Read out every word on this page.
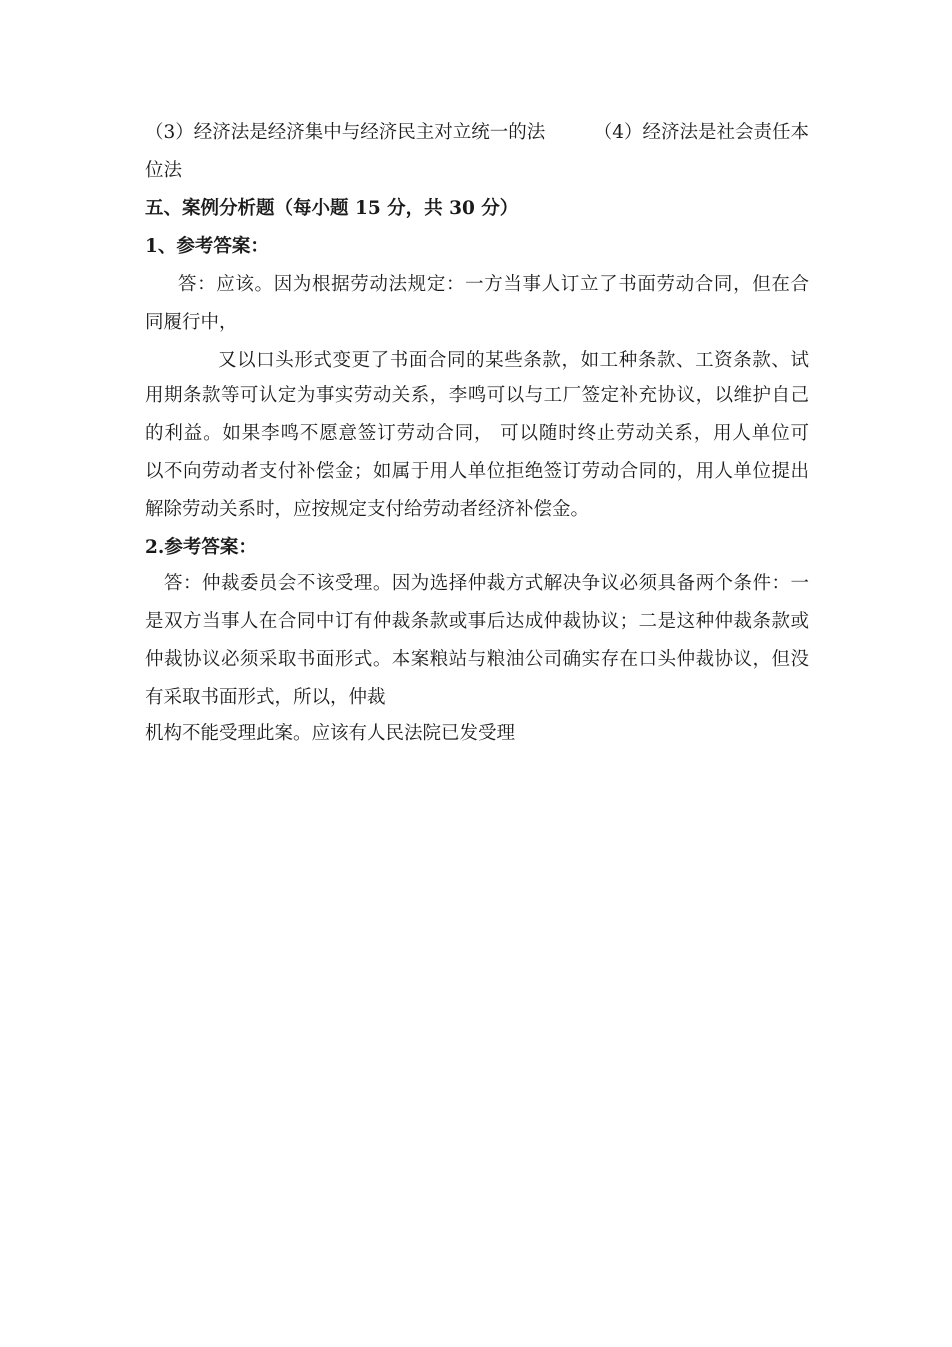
（3）经济法是经济集中与经济民主对立统一的法	（4）经济法是社会责任本
位法
五、案例分析题（每小题 15 分，共 30 分）
1、参考答案：
答：应该。因为根据劳动法规定：一方当事人订立了书面劳动合同，但在合
同履行中，
又以口头形式变更了书面合同的某些条款，如工种条款、工资条款、试
用期条款等可认定为事实劳动关系，李鸣可以与工厂签定补充协议，以维护自己
的利益。如果李鸣不愿意签订劳动合同， 可以随时终止劳动关系，用人单位可
以不向劳动者支付补偿金；如属于用人单位拒绝签订劳动合同的，用人单位提出
解除劳动关系时，应按规定支付给劳动者经济补偿金。
2.参考答案：
答：仲裁委员会不该受理。因为选择仲裁方式解决争议必须具备两个条件：一
是双方当事人在合同中订有仲裁条款或事后达成仲裁协议；二是这种仲裁条款或
仲裁协议必须采取书面形式。本案粮站与粮油公司确实存在口头仲裁协议，但没
有采取书面形式，所以，仲裁
机构不能受理此案。应该有人民法院已发受理
